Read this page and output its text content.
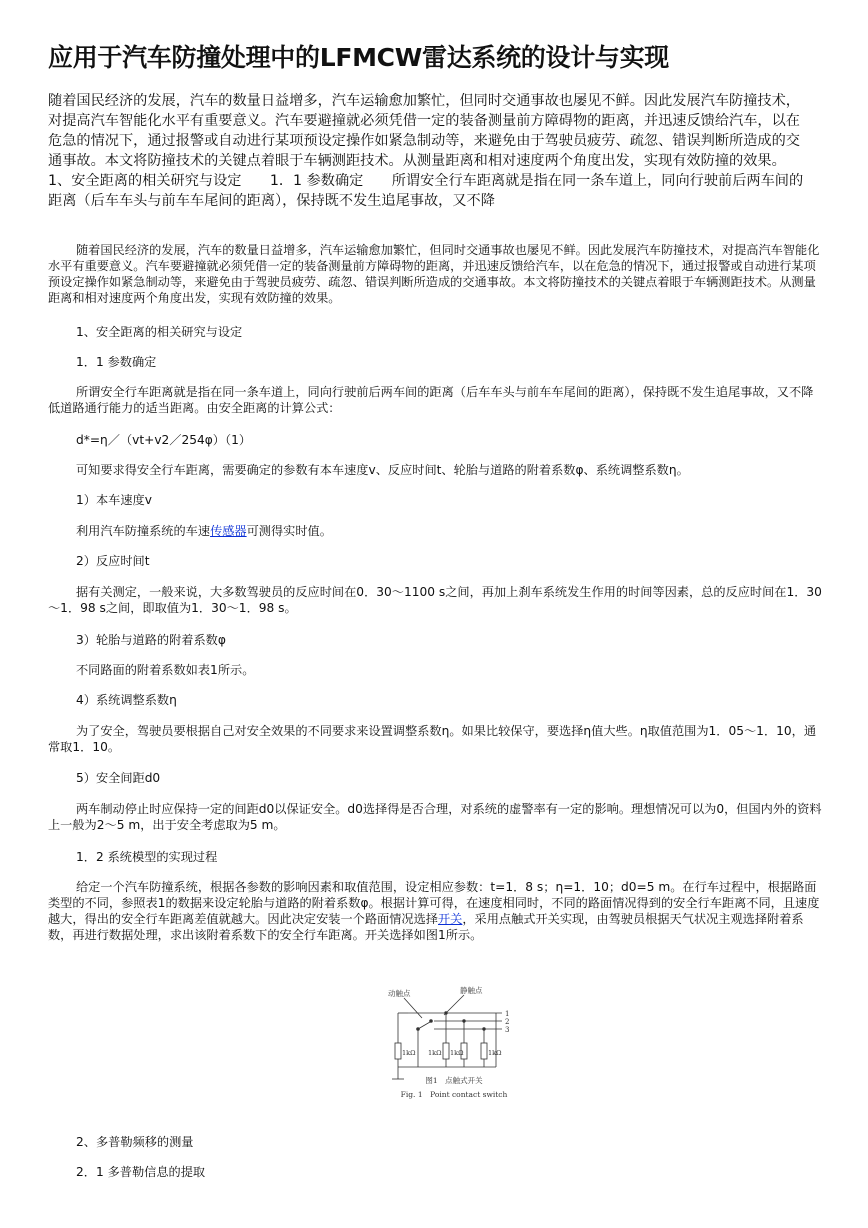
应用于汽车防撞处理中的LFMCW雷达系统的设计与实现

随着国民经济的发展，汽车的数量日益增多，汽车运输愈加繁忙，但同时交通事故也屡见不鲜。因此发展汽车防撞技术，对提高汽车智能化水平有重要意义。汽车要避撞就必须凭借一定的装备测量前方障碍物的距离，并迅速反馈给汽车，以在危急的情况下，通过报警或自动进行某项预设定操作如紧急制动等，来避免由于驾驶员疲劳、疏忽、错误判断所造成的交通事故。本文将防撞技术的关键点着眼于车辆测距技术。从测量距离和相对速度两个角度出发，实现有效防撞的效果。　　1、安全距离的相关研究与设定　　1．1 参数确定　　所谓安全行车距离就是指在同一条车道上，同向行驶前后两车间的距离（后车车头与前车车尾间的距离），保持既不发生追尾事故，又不降

随着国民经济的发展，汽车的数量日益增多，汽车运输愈加繁忙，但同时交通事故也屡见不鲜。因此发展汽车防撞技术，对提高汽车智能化水平有重要意义。汽车要避撞就必须凭借一定的装备测量前方障碍物的距离，并迅速反馈给汽车，以在危急的情况下，通过报警或自动进行某项预设定操作如紧急制动等，来避免由于驾驶员疲劳、疏忽、错误判断所造成的交通事故。本文将防撞技术的关键点着眼于车辆测距技术。从测量距离和相对速度两个角度出发，实现有效防撞的效果。

1、安全距离的相关研究与设定

1．1 参数确定

所谓安全行车距离就是指在同一条车道上，同向行驶前后两车间的距离（后车车头与前车车尾间的距离），保持既不发生追尾事故，又不降低道路通行能力的适当距离。由安全距离的计算公式：

d*=η／（vt+v2／254φ）（1）

可知要求得安全行车距离，需要确定的参数有本车速度v、反应时间t、轮胎与道路的附着系数φ、系统调整系数η。

1）本车速度v

利用汽车防撞系统的车速传感器可测得实时值。

2）反应时间t

据有关测定，一般来说，大多数驾驶员的反应时间在0．30～1100 s之间，再加上刹车系统发生作用的时间等因素，总的反应时间在1．30～1．98 s之间，即取值为1．30～1．98 s。

3）轮胎与道路的附着系数φ

不同路面的附着系数如表1所示。

4）系统调整系数η

为了安全，驾驶员要根据自己对安全效果的不同要求来设置调整系数η。如果比较保守，要选择η值大些。η取值范围为1．05～1．10，通常取1．10。

5）安全间距d0

两车制动停止时应保持一定的间距d0以保证安全。d0选择得是否合理，对系统的虚警率有一定的影响。理想情况可以为0，但国内外的资料上一般为2～5 m，出于安全考虑取为5 m。

1．2 系统模型的实现过程

给定一个汽车防撞系统，根据各参数的影响因素和取值范围，设定相应参数：t=1．8 s；η=1．10；d0=5 m。在行车过程中，根据路面类型的不同，参照表1的数据来设定轮胎与道路的附着系数φ。根据计算可得，在速度相同时，不同的路面情况得到的安全行车距离不同，且速度越大，得出的安全行车距离差值就越大。因此决定安装一个路面情况选择开关，采用点触式开关实现，由驾驶员根据天气状况主观选择附着系数，再进行数据处理，求出该附着系数下的安全行车距离。开关选择如图1所示。

动触点	静触点
1
2
3
1kΩ 1kΩ 1kΩ	1kΩ
图1　点触式开关
Fig. 1　Point contact switch

2、多普勒频移的测量

2．1 多普勒信息的提取
